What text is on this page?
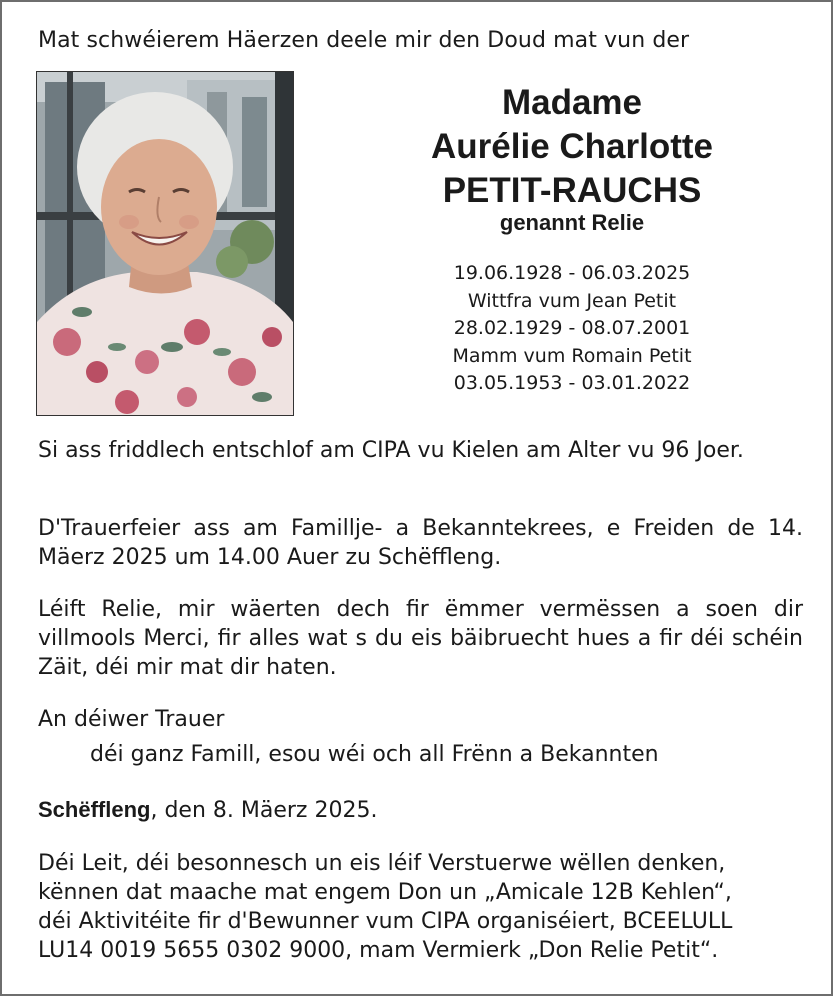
Mat schwéierem Häerzen deele mir den Doud mat vun der
Madame
Aurélie Charlotte
PETIT-RAUCHS
genannt Relie
19.06.1928 - 06.03.2025
Wittfra vum Jean Petit
28.02.1929 - 08.07.2001
Mamm vum Romain Petit
03.05.1953 - 03.01.2022
Si ass friddlech entschlof am CIPA vu Kielen am Alter vu 96 Joer.
D'Trauerfeier ass am Famillje- a Bekanntekrees, e Freiden de 14. Mäerz 2025 um 14.00 Auer zu Schëffleng.
Léift Relie, mir wäerten dech fir ëmmer vermëssen a soen dir villmools Merci, fir alles wat s du eis bäibruecht hues a fir déi schéin Zäit, déi mir mat dir haten.
An déiwer Trauer
déi ganz Famill, esou wéi och all Frënn a Bekannten
Schëffleng, den 8. Mäerz 2025.
Déi Leit, déi besonnesch un eis léif Verstuerwe wëllen denken,
kënnen dat maache mat engem Don un „Amicale 12B Kehlen“,
déi Aktivitéite fir d'Bewunner vum CIPA organiséiert, BCEELULL
LU14 0019 5655 0302 9000, mam Vermierk „Don Relie Petit“.
